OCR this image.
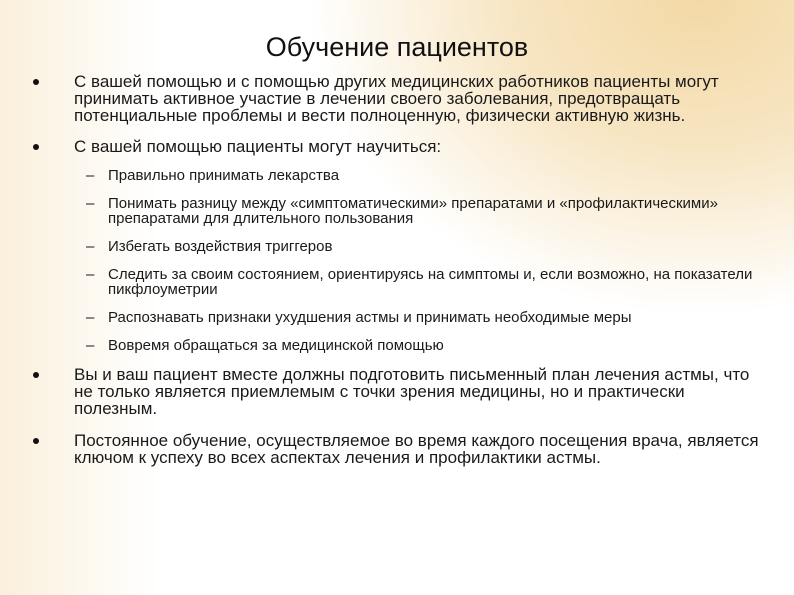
Обучение пациентов
С вашей помощью и с помощью других медицинских работников пациенты могут принимать активное участие в лечении своего заболевания, предотвращать потенциальные проблемы и вести полноценную, физически активную жизнь.
С вашей помощью пациенты могут научиться:
– Правильно принимать лекарства
– Понимать разницу между «симптоматическими» препаратами и «профилактическими» препаратами для длительного пользования
– Избегать воздействия триггеров
– Следить за своим состоянием, ориентируясь на симптомы и, если возможно, на показатели пикфлоуметрии
– Распознавать признаки ухудшения астмы и принимать необходимые меры
– Вовремя обращаться за медицинской помощью
Вы и ваш пациент вместе должны подготовить письменный план лечения астмы, что не только является приемлемым с точки зрения медицины, но и практически полезным.
Постоянное обучение, осуществляемое во время каждого посещения врача, является ключом к успеху во всех аспектах лечения и профилактики астмы.
